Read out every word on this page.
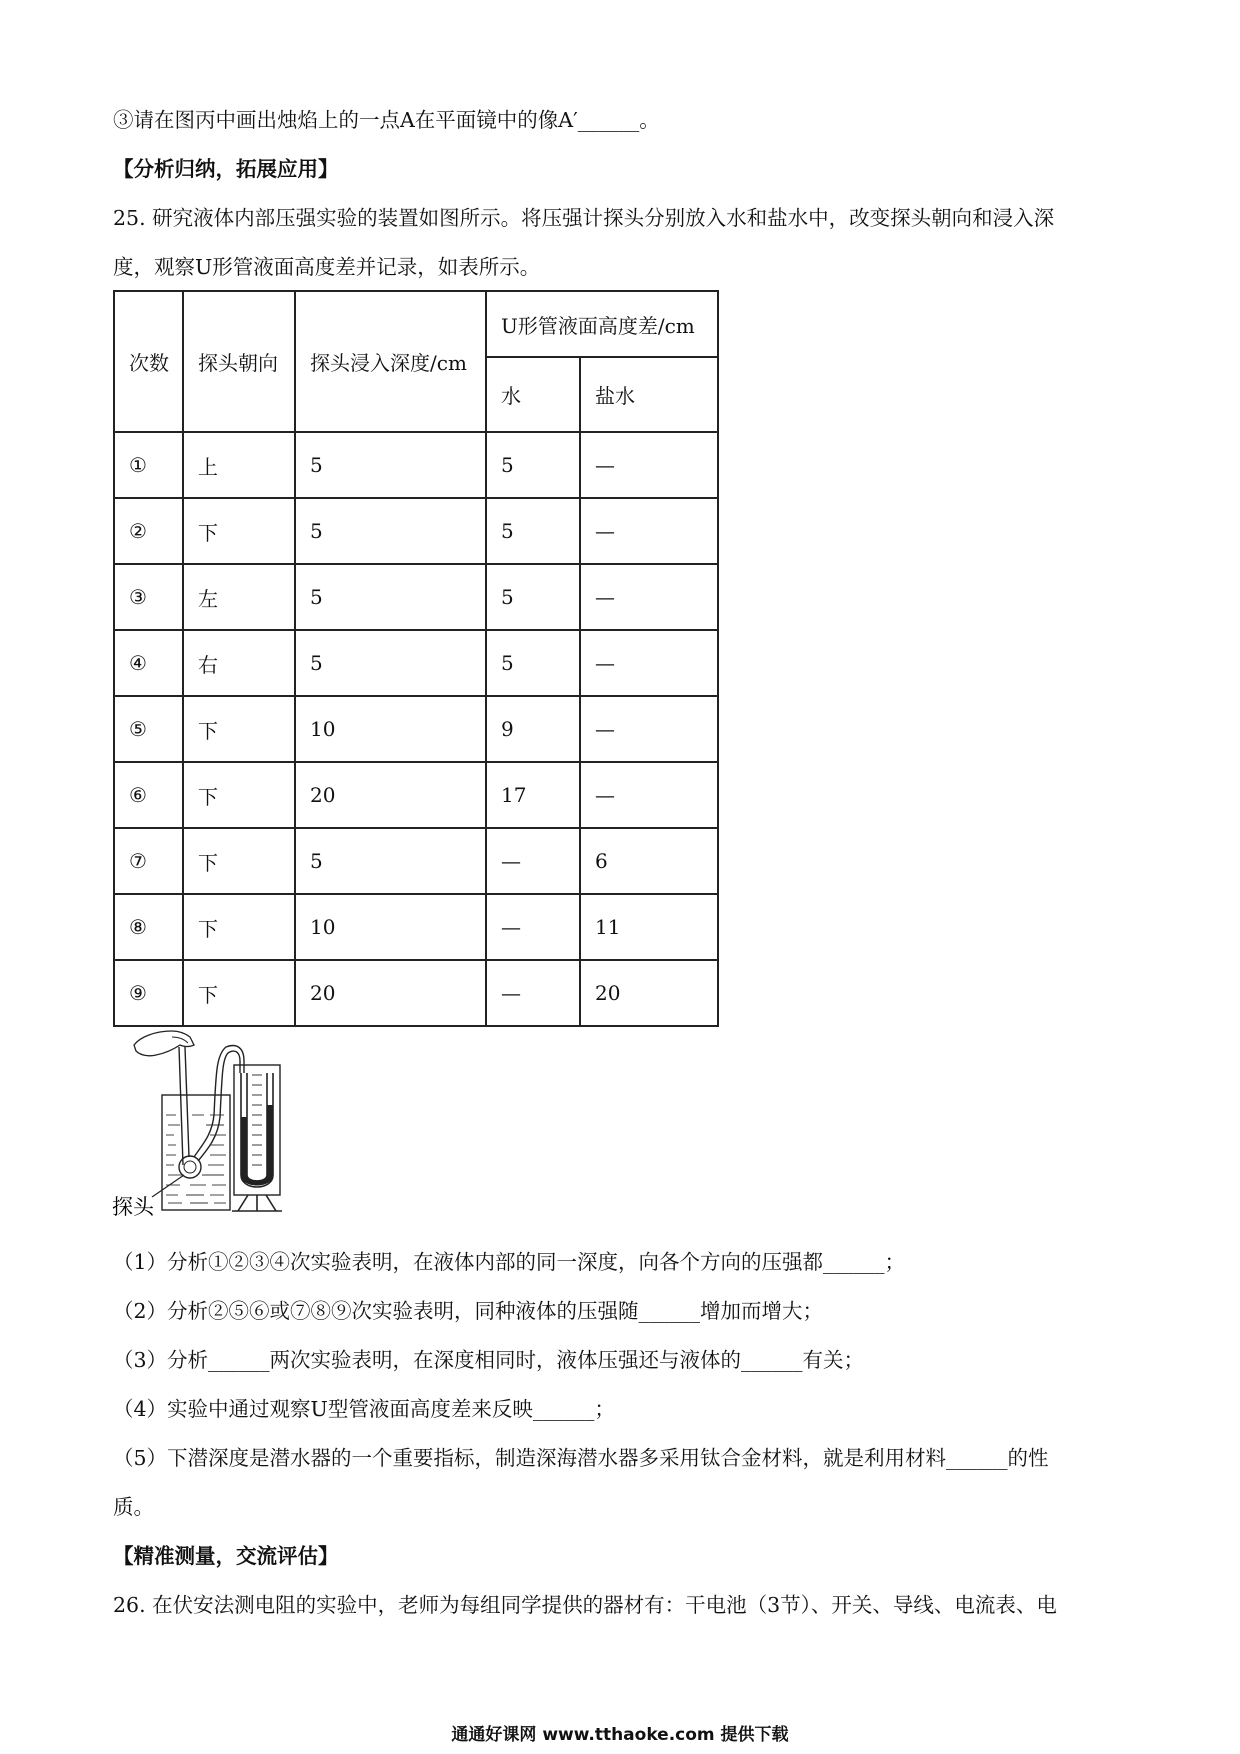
③请在图丙中画出烛焰上的一点A在平面镜中的像A′______。
【分析归纳，拓展应用】
25. 研究液体内部压强实验的装置如图所示。将压强计探头分别放入水和盐水中，改变探头朝向和浸入深
度，观察U形管液面高度差并记录，如表所示。
次数	探头朝向	探头浸入深度/cm	U形管液面高度差/cm	
			水	盐水
①	上	5	5	—
②	下	5	5	—
③	左	5	5	—
④	右	5	5	—
⑤	下	10	9	—
⑥	下	20	17	—
⑦	下	5	—	6
⑧	下	10	—	11
⑨	下	20	—	20
探头
（1）分析①②③④次实验表明，在液体内部的同一深度，向各个方向的压强都______；
（2）分析②⑤⑥或⑦⑧⑨次实验表明，同种液体的压强随______增加而增大；
（3）分析______两次实验表明，在深度相同时，液体压强还与液体的______有关；
（4）实验中通过观察U型管液面高度差来反映______；
（5）下潜深度是潜水器的一个重要指标，制造深海潜水器多采用钛合金材料，就是利用材料______的性
质。
【精准测量，交流评估】
26. 在伏安法测电阻的实验中，老师为每组同学提供的器材有：干电池（3节）、开关、导线、电流表、电
通通好课网 www.tthaoke.com 提供下载
